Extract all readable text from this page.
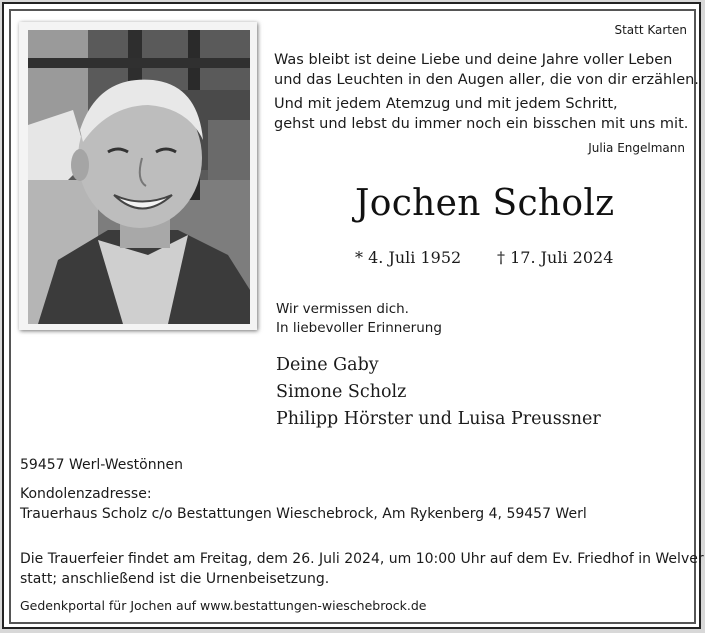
Statt Karten
Was bleibt ist deine Liebe und deine Jahre voller Leben
und das Leuchten in den Augen aller, die von dir erzählen.
Und mit jedem Atemzug und mit jedem Schritt,
gehst und lebst du immer noch ein bisschen mit uns mit.
Julia Engelmann
Jochen Scholz
* 4. Juli 1952 † 17. Juli 2024
Wir vermissen dich.
In liebevoller Erinnerung
Deine Gaby
Simone Scholz
Philipp Hörster und Luisa Preussner
59457 Werl-Westönnen
Kondolenzadresse:
Trauerhaus Scholz c/o Bestattungen Wieschebrock, Am Rykenberg 4, 59457 Werl
Die Trauerfeier findet am Freitag, dem 26. Juli 2024, um 10:00 Uhr auf dem Ev. Friedhof in Welver
statt; anschließend ist die Urnenbeisetzung.
Gedenkportal für Jochen auf www.bestattungen-wieschebrock.de
